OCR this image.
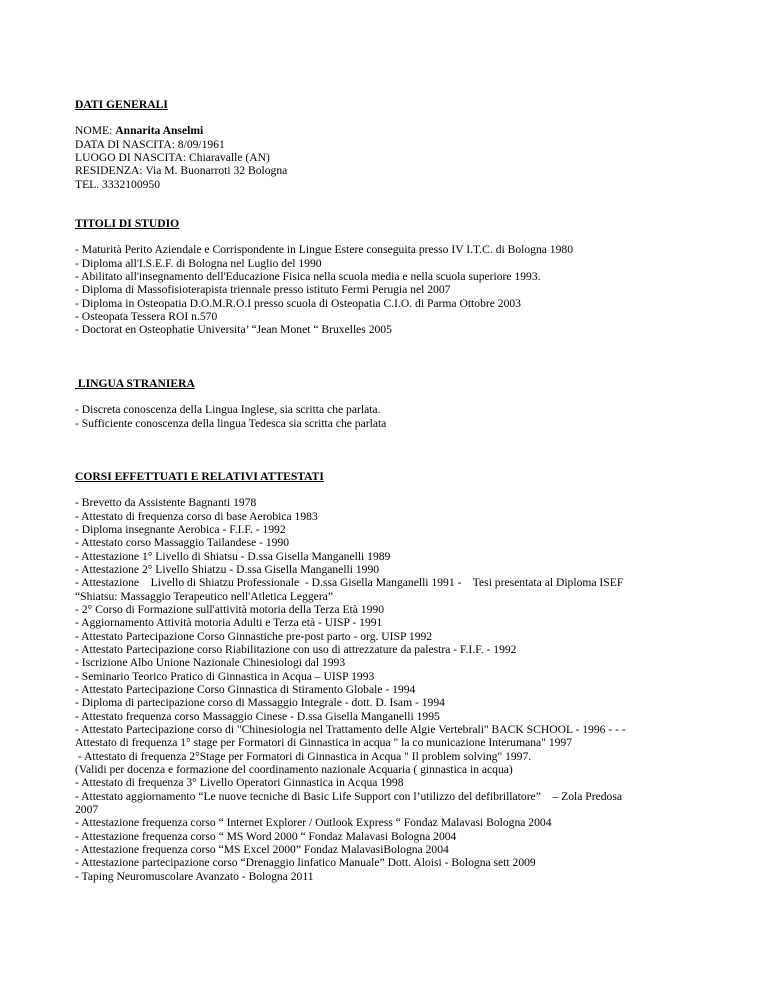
DATI GENERALI

NOME: Annarita Anselmi
DATA DI NASCITA: 8/09/1961
LUOGO DI NASCITA: Chiaravalle (AN)
RESIDENZA: Via M. Buonarroti 32 Bologna
TEL. 3332100950

TITOLI DI STUDIO

- Maturità Perito Aziendale e Corrispondente in Lingue Estere conseguita presso IV I.T.C. di Bologna 1980
- Diploma all'I.S.E.F. di Bologna nel Luglio del 1990
- Abilitato all'insegnamento dell'Educazione Fisica nella scuola media e nella scuola superiore 1993.
- Diploma di Massofisioterapista triennale presso istituto Fermi Perugia nel 2007
- Diploma in Osteopatia D.O.M.R.O.I presso scuola di Osteopatia C.I.O. di Parma Ottobre 2003
- Osteopata Tessera ROI n.570
- Doctorat en Osteophatie Universita’ “Jean Monet “ Bruxelles 2005

LINGUA STRANIERA

- Discreta conoscenza della Lingua Inglese, sia scritta che parlata.
- Sufficiente conoscenza della lingua Tedesca sia scritta che parlata

CORSI EFFETTUATI E RELATIVI ATTESTATI

- Brevetto da Assistente Bagnanti 1978
- Attestato di frequenza corso di base Aerobica 1983
- Diploma insegnante Aerobica - F.I.F. - 1992
- Attestato corso Massaggio Tailandese - 1990
- Attestazione 1° Livello di Shiatsu - D.ssa Gisella Manganelli 1989
- Attestazione 2° Livello Shiatzu - D.ssa Gisella Manganelli 1990
- Attestazione    Livello di Shiatzu Professionale  - D.ssa Gisella Manganelli 1991 -    Tesi presentata al Diploma ISEF
“Shiatsu: Massaggio Terapeutico nell'Atletica Leggera”
- 2° Corso di Formazione sull'attività motoria della Terza Età 1990
- Aggiornamento Attività motoria Adulti e Terza età - UISP - 1991
- Attestato Partecipazione Corso Ginnastiche pre-post parto - org. UISP 1992
- Attestato Partecipazione corso Riabilitazione con uso di attrezzature da palestra - F.I.F. - 1992
- Iscrizione Albo Unione Nazionale Chinesiologi dal 1993
- Seminario Teorico Pratico di Ginnastica in Acqua – UISP 1993
- Attestato Partecipazione Corso Ginnastica di Stiramento Globale - 1994
- Diploma di partecipazione corso di Massaggio Integrale - dott. D. Isam - 1994
- Attestato frequenza corso Massaggio Cinese - D.ssa Gisella Manganelli 1995
- Attestato Partecipazione corso di "Chinesiologia nel Trattamento delle Algie Vertebrali" BACK SCHOOL - 1996 - - -
Attestato di frequenza 1° stage per Formatori di Ginnastica in acqua " la co municazione Interumana" 1997
- Attestato di frequenza 2°Stage per Formatori di Ginnastica in Acqua " Il problem solving" 1997.
(Validi per docenza e formazione del coordinamento nazionale Acquaria ( ginnastica in acqua)
- Attestato di frequenza 3° Livello Operatori Ginnastica in Acqua 1998
- Attestato aggiornamento “Le nuove tecniche di Basic Life Support con l’utilizzo del defibrillatore”    – Zola Predosa
2007
- Attestazione frequenza corso “ Internet Explorer / Outlook Express “ Fondaz Malavasi Bologna 2004
- Attestazione frequenza corso “ MS Word 2000 “ Fondaz Malavasi Bologna 2004
- Attestazione frequenza corso “MS Excel 2000” Fondaz MalavasiBologna 2004
- Attestazione partecipazione corso “Drenaggio linfatico Manuale” Dott. Aloisi - Bologna sett 2009
- Taping Neuromuscolare Avanzato - Bologna 2011
